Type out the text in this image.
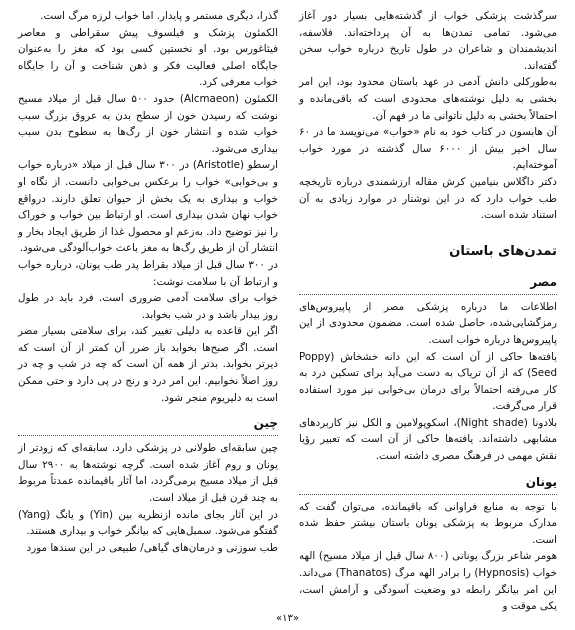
سرگذشت پزشکی خواب از گذشته‌هایی بسیار دور آغاز می‌شود. تمامی تمدن‌ها به آن پرداخته‌اند. فلاسفه، اندیشمندان و شاعران در طول تاریخ درباره خواب سخن گفته‌اند.

به‌طورکلی دانش آدمی در عهد باستان محدود بود، این امر بخشی به دلیل نوشته‌های محدودی است که باقی‌مانده و احتمالاً بخشی به دلیل ناتوانی ما در فهم آن.

آن هابسون در کتاب خود به نام «خواب» می‌نویسد ما در ۶۰ سال اخیر بیش از ۶۰۰۰ سال گذشته در مورد خواب آموخته‌ایم.

دکتر داگلاس بنیامین کرش مقاله ارزشمندی درباره تاریخچه طب خواب دارد که در این نوشتار در موارد زیادی به آن استناد شده است.

تمدن‌های باستان
مصر

اطلاعات ما درباره پزشکی مصر از پاپیروس‌های رمزگشایی‌شده، حاصل شده است. مضمون محدودی از این پاپیروس‌ها درباره خواب است.

یافته‌ها حاکی از آن است که این دانه خشخاش (Poppy Seed) که از آن تریاک به دست می‌آید برای تسکین درد به کار می‌رفته احتمالاً برای درمان بی‌خوابی نیز مورد استفاده قرار می‌گرفت.

بلادونا (Night shade)، اسکوپولامین و الکل نیز کاربردهای مشابهی داشته‌اند. یافته‌ها حاکی از آن است که تعبیر رؤیا نقش مهمی در فرهنگ مصری داشته است.

یونان

با توجه به منابع فراوانی که باقیمانده، می‌توان گفت که مدارک مربوط به پزشکی یونان باستان بیشتر حفظ شده است.

هومر شاعر بزرگ یونانی (۸۰۰ سال قبل از میلاد مسیح) الهه خواب (Hypnosis) را برادر الهه مرگ (Thanatos) می‌داند. این امر بیانگر رابطه دو وضعیت آسودگی و آرامش است، یکی موقت و

گذرا، دیگری مستمر و پایدار. اما خواب لرزه مرگ است.

الکمئون پزشک و فیلسوف پیش سقراطی و معاصر فیثاغورس بود. او نخستین کسی بود که مغز را به‌عنوان جایگاه اصلی فعالیت فکر و ذهن شناخت و آن را جایگاه خواب معرفی کرد.

الکمئون (Alcmaeon) حدود ۵۰۰ سال قبل از میلاد مسیح نوشت که رسیدن خون از سطح بدن به عروق بزرگ سبب خواب شده و انتشار خون از رگ‌ها به سطوح بدن سبب بیداری می‌شود.

ارسطو (Aristotle) در ۳۰۰ سال قبل از میلاد «درباره خواب و بی‌خوابی» خواب را برعکس بی‌خوابی دانست. از نگاه او خواب و بیداری به یک بخش از حیوان تعلق دارند. درواقع خواب نهان شدن بیداری است. او ارتباط بین خواب و خوراک را نیز توضیح داد. به‌زعم او محصول غذا از طریق ایجاد بخار و انتشار آن از طریق رگ‌ها به مغز باعث خواب‌آلودگی می‌شود.

در ۳۰۰ سال قبل از میلاد بقراط پدر طب یونان، درباره خواب و ارتباط آن با سلامت نوشت:

خواب برای سلامت آدمی ضروری است. فرد باید در طول روز بیدار باشد و در شب بخوابد.

اگر این قاعده به دلیلی تغییر کند، برای سلامتی بسیار مضر است. اگر صبح‌ها بخوابد باز ضرر آن کمتر از آن است که دیرتر بخوابد. بدتر از همه آن است که چه در شب و چه در روز اصلاً نخوابیم. این امر درد و رنج در پی دارد و حتی ممکن است به دلیریوم منجر شود.

چین

چین سابقه‌ای طولانی در پزشکی دارد. سابقه‌ای که زودتر از یونان و روم آغاز شده است. گرچه نوشته‌ها به ۲۹۰۰ سال قبل از میلاد مسیح برمی‌گردد، اما آثار باقیمانده عمدتاً مربوط به چند قرن قبل از میلاد است.

در این آثار بجای مانده ازنظریه بین (Yin) و یانگ (Yang) گفتگو می‌شود. سمبل‌هایی که بیانگر خواب و بیداری هستند.

طب سوزنی و درمان‌های گیاهی/ طبیعی در این سندها مورد

«۱۳»
